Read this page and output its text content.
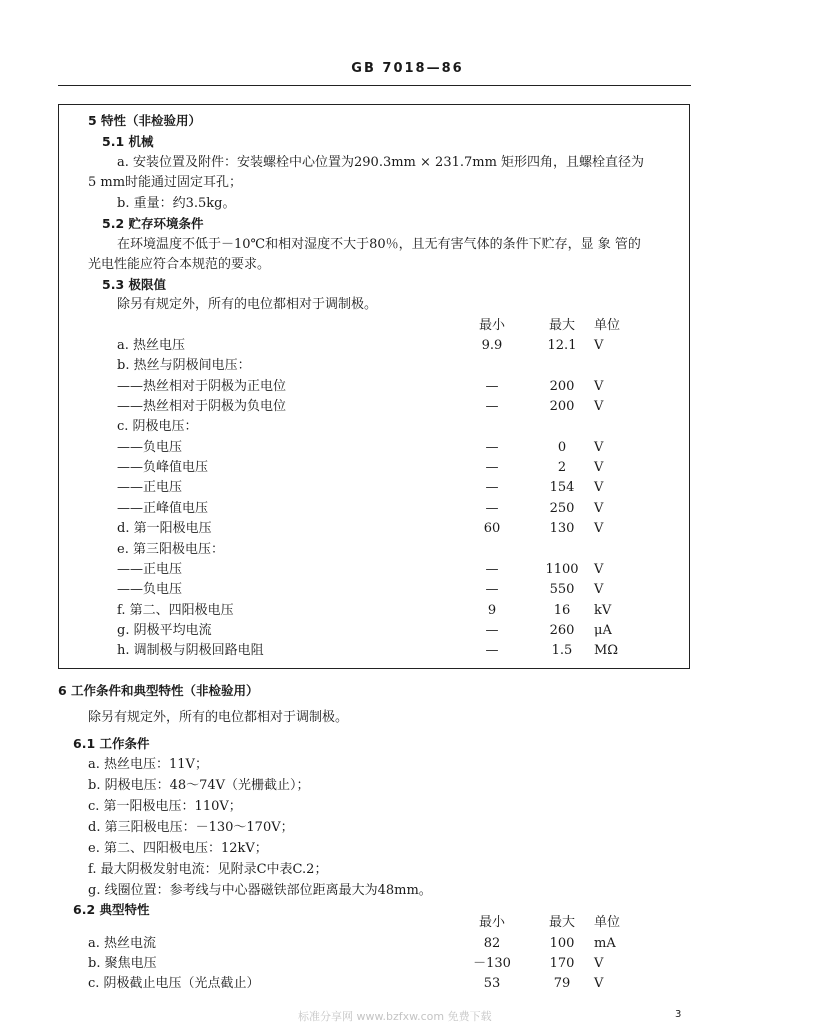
GB 7018—86
5 特性（非检验用）
5.1 机械
a. 安装位置及附件：安装螺栓中心位置为290.3mm × 231.7mm 矩形四角，且螺栓直径为
5 mm时能通过固定耳孔；
b. 重量：约3.5kg。
5.2 贮存环境条件
在环境温度不低于－10℃和相对湿度不大于80％，且无有害气体的条件下贮存，显 象 管的
光电性能应符合本规范的要求。
5.3 极限值
除另有规定外，所有的电位都相对于调制极。
最小	最大	单位
a. 热丝电压	9.9	12.1	V
b. 热丝与阴极间电压：
——热丝相对于阴极为正电位	—	200	V
——热丝相对于阴极为负电位	—	200	V
c. 阴极电压：
——负电压	—	0	V
——负峰值电压	—	2	V
——正电压	—	154	V
——正峰值电压	—	250	V
d. 第一阳极电压	60	130	V
e. 第三阳极电压：
——正电压	—	1100	V
——负电压	—	550	V
f. 第二、四阳极电压	9	16	kV
g. 阴极平均电流	—	260	μA
h. 调制极与阴极回路电阻	—	1.5	MΩ
6 工作条件和典型特性（非检验用）
除另有规定外，所有的电位都相对于调制极。
6.1 工作条件
a. 热丝电压：11V；
b. 阴极电压：48～74V（光栅截止）；
c. 第一阳极电压：110V；
d. 第三阳极电压：－130～170V；
e. 第二、四阳极电压：12kV；
f. 最大阴极发射电流：见附录C中表C.2；
g. 线圈位置：参考线与中心器磁铁部位距离最大为48mm。
6.2 典型特性
最小	最大	单位
a. 热丝电流	82	100	mA
b. 聚焦电压	－130	170	V
c. 阴极截止电压（光点截止）	53	79	V
标准分享网 www.bzfxw.com 免费下载	3
